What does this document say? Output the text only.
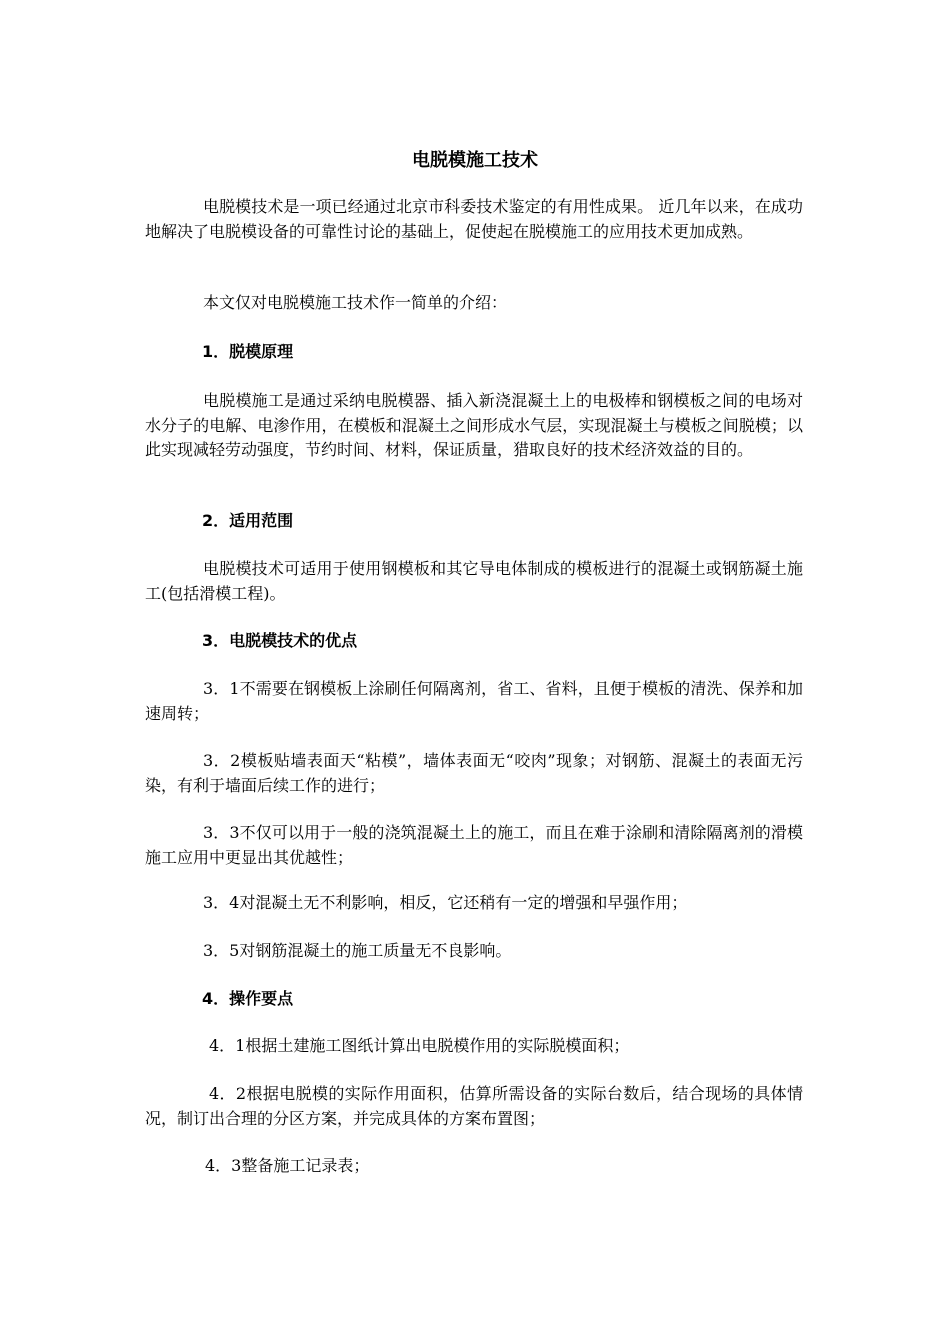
电脱模施工技术
电脱模技术是一项已经通过北京市科委技术鉴定的有用性成果。 近几年以来，在成功地解决了电脱模设备的可靠性讨论的基础上，促使起在脱模施工的应用技术更加成熟。
本文仅对电脱模施工技术作一简单的介绍：
1．脱模原理
电脱模施工是通过采纳电脱模器、插入新浇混凝土上的电极棒和钢模板之间的电场对水分子的电解、电渗作用，在模板和混凝土之间形成水气层，实现混凝土与模板之间脱模；以此实现减轻劳动强度，节约时间、材料，保证质量，猎取良好的技术经济效益的目的。
2．适用范围
电脱模技术可适用于使用钢模板和其它导电体制成的模板进行的混凝土或钢筋凝土施工(包括滑模工程)。
3．电脱模技术的优点
3．1不需要在钢模板上涂刷任何隔离剂，省工、省料，且便于模板的清洗、保养和加速周转；
3．2模板贴墙表面天“粘模”，墙体表面无“咬肉”现象；对钢筋、混凝土的表面无污染，有利于墙面后续工作的进行；
3．3不仅可以用于一般的浇筑混凝土上的施工，而且在难于涂刷和清除隔离剂的滑模施工应用中更显出其优越性；
3．4对混凝土无不利影响，相反，它还稍有一定的增强和早强作用；
3．5对钢筋混凝土的施工质量无不良影响。
4．操作要点
4．1根据土建施工图纸计算出电脱模作用的实际脱模面积；
4．2根据电脱模的实际作用面积，估算所需设备的实际台数后，结合现场的具体情况，制订出合理的分区方案，并完成具体的方案布置图；
4．3整备施工记录表；
